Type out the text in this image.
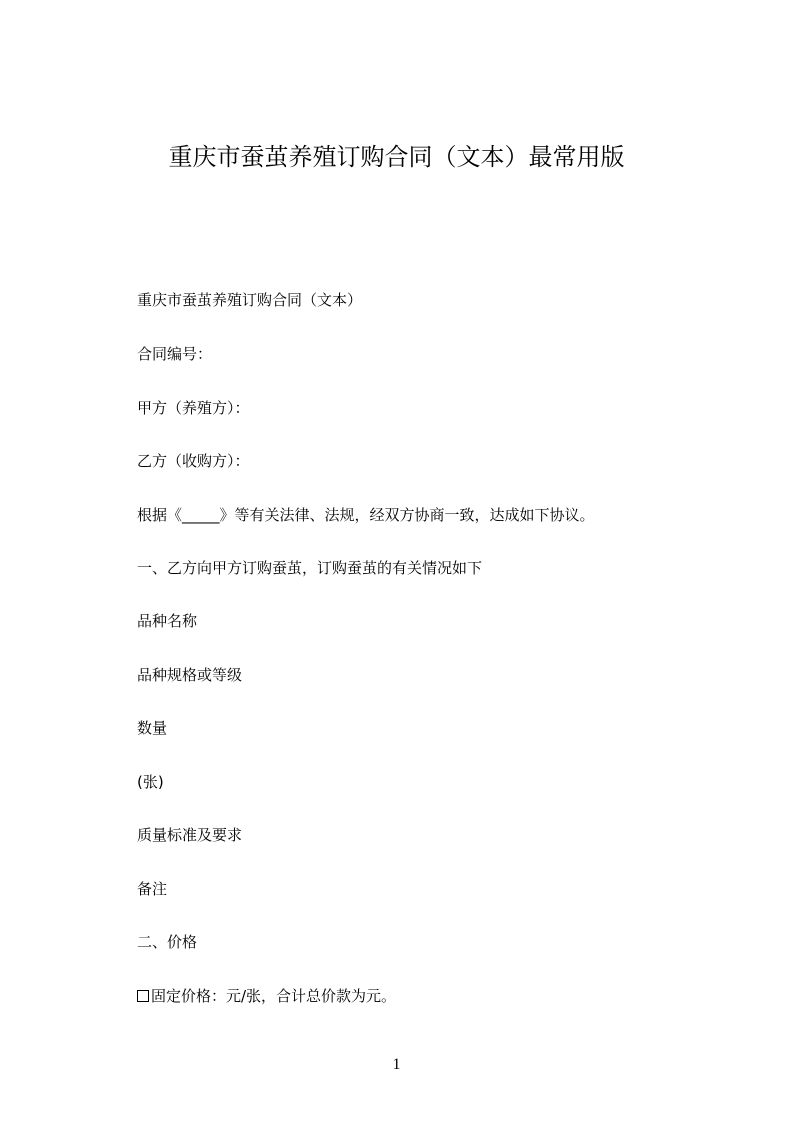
重庆市蚕茧养殖订购合同（文本）最常用版

重庆市蚕茧养殖订购合同（文本）

合同编号：

甲方（养殖方）：

乙方（收购方）：

根据《_____》等有关法律、法规，经双方协商一致，达成如下协议。

一、乙方向甲方订购蚕茧，订购蚕茧的有关情况如下

品种名称

品种规格或等级

数量

(张)

质量标准及要求

备注

二、价格

固定价格：元/张，合计总价款为元。

1
